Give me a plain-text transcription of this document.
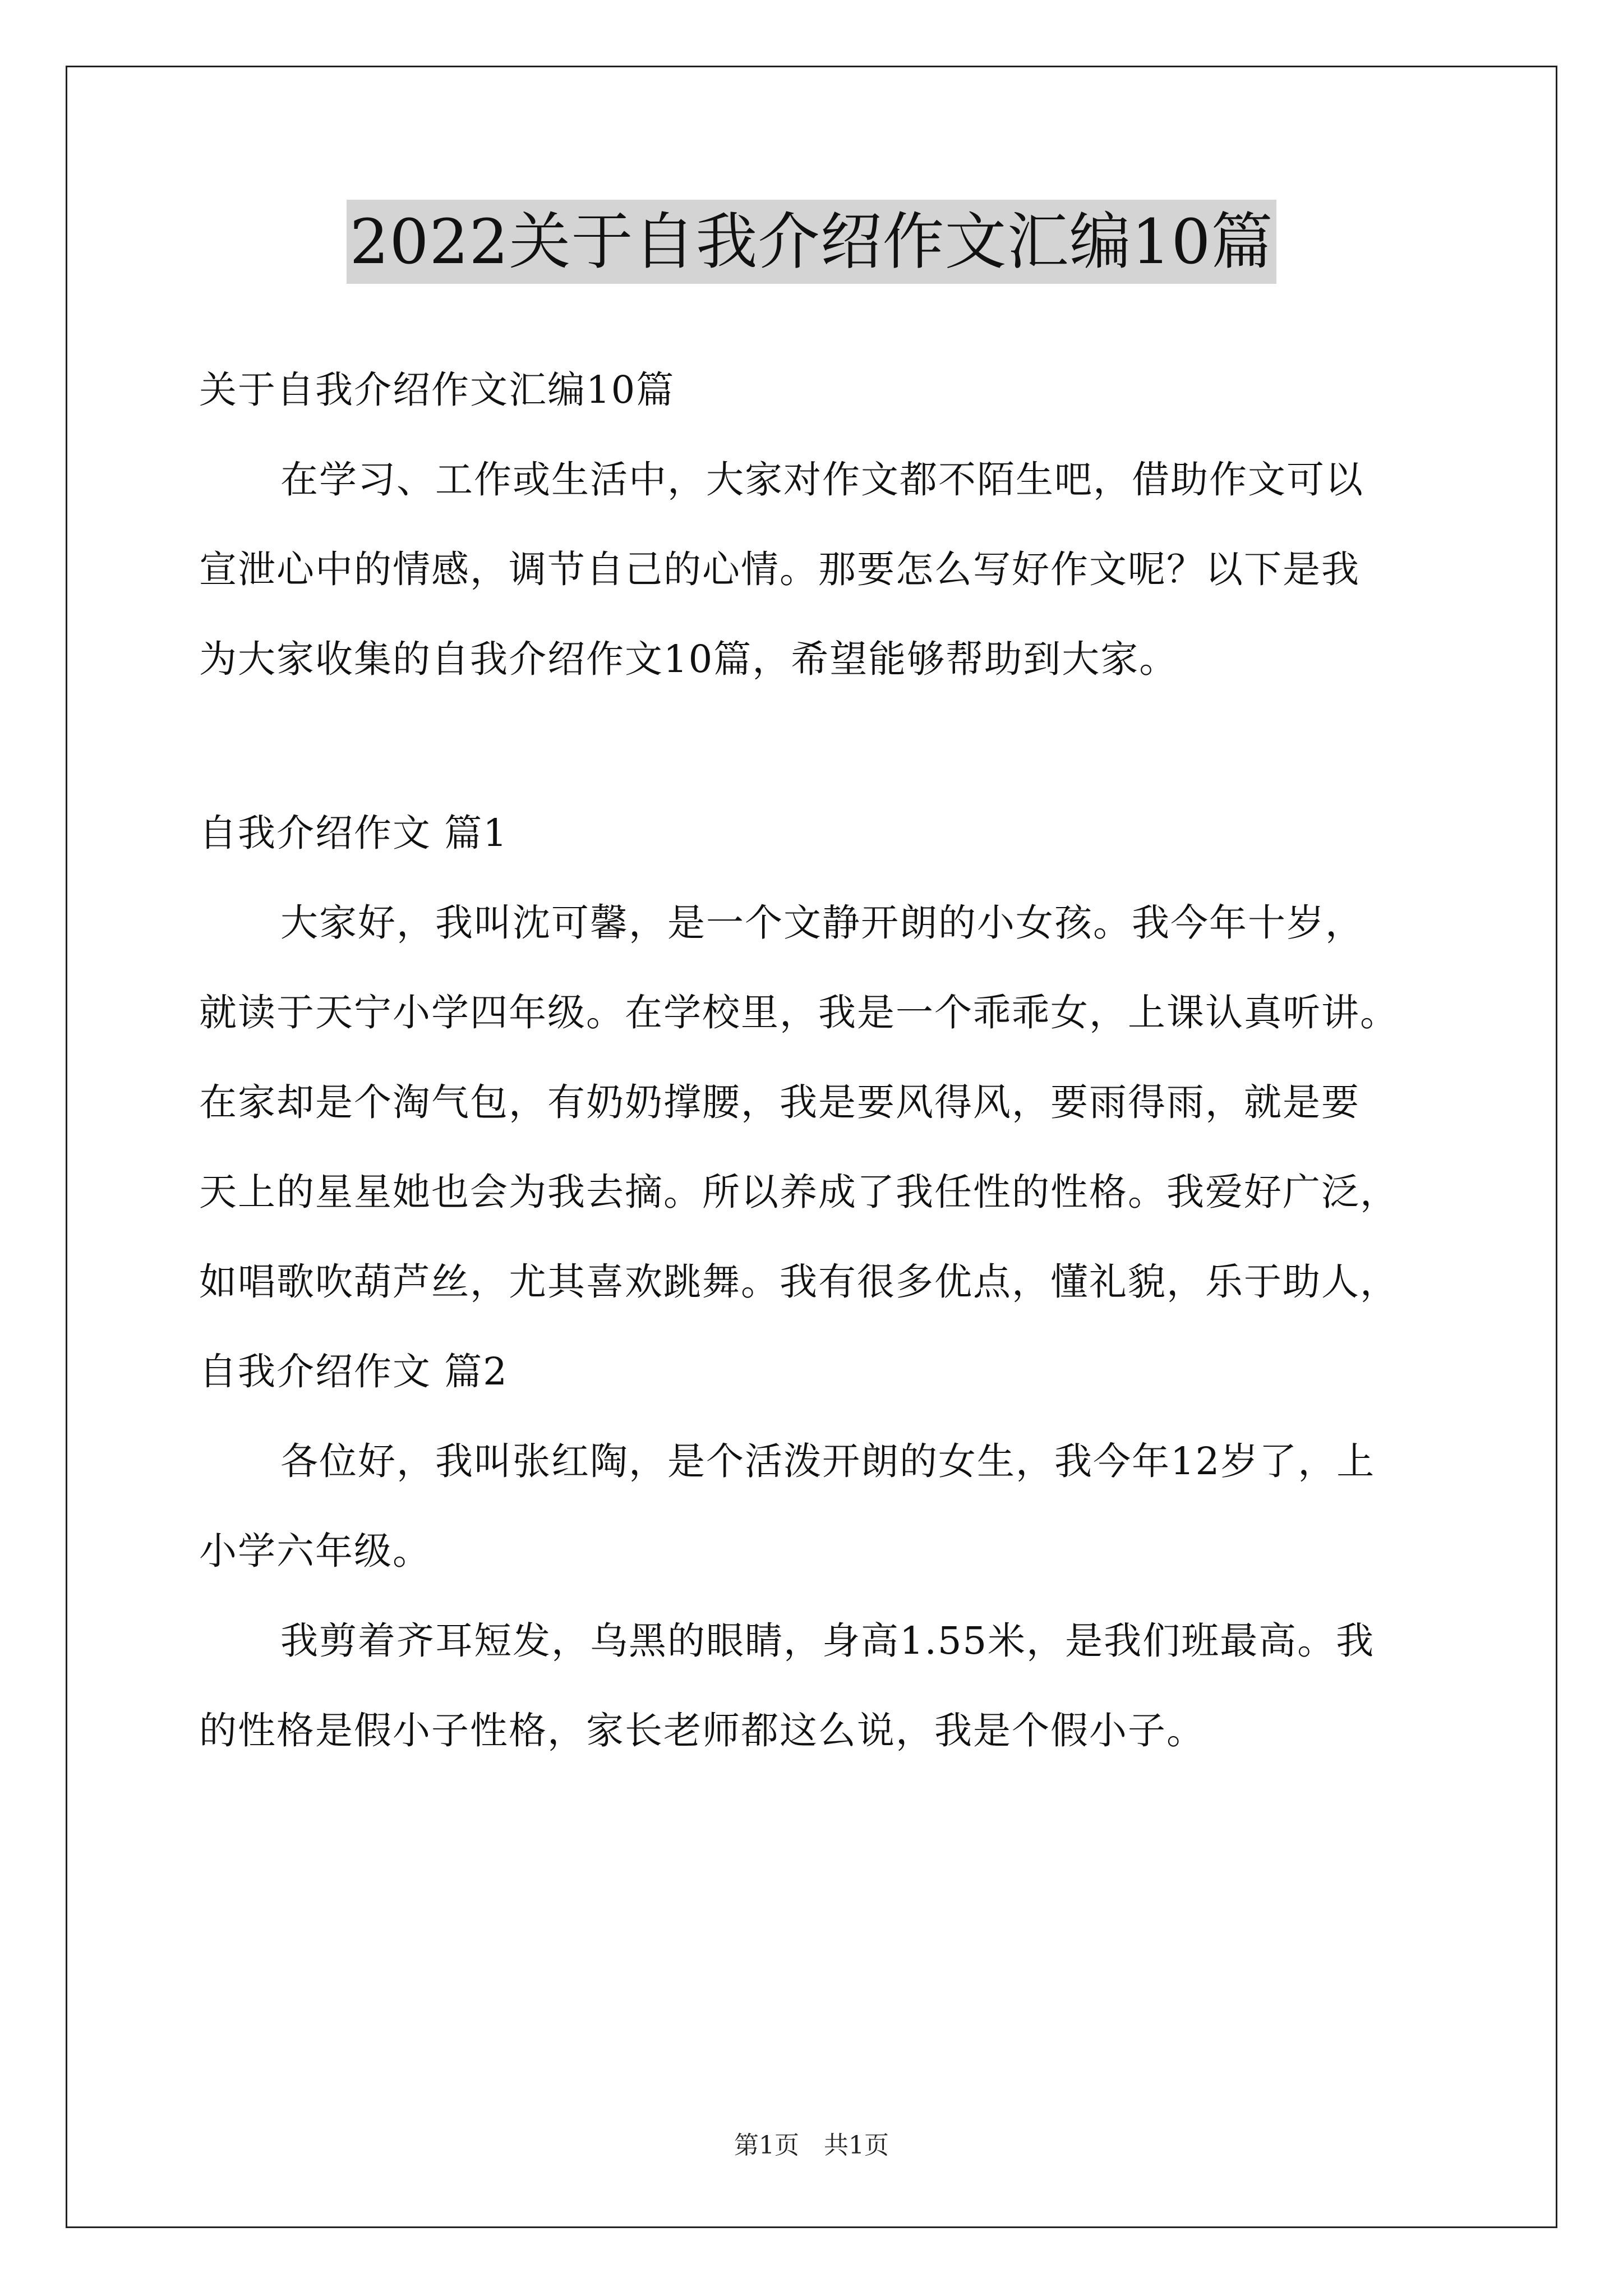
2022关于自我介绍作文汇编10篇
关于自我介绍作文汇编10篇
在学习、工作或生活中，大家对作文都不陌生吧，借助作文可以
宣泄心中的情感，调节自己的心情。那要怎么写好作文呢？以下是我
为大家收集的自我介绍作文10篇，希望能够帮助到大家。
自我介绍作文 篇1
大家好，我叫沈可馨，是一个文静开朗的小女孩。我今年十岁，
就读于天宁小学四年级。在学校里，我是一个乖乖女，上课认真听讲。
在家却是个淘气包，有奶奶撑腰，我是要风得风，要雨得雨，就是要
天上的星星她也会为我去摘。所以养成了我任性的性格。我爱好广泛，
如唱歌吹葫芦丝，尤其喜欢跳舞。我有很多优点，懂礼貌，乐于助人，
自我介绍作文 篇2
各位好，我叫张红陶，是个活泼开朗的女生，我今年12岁了，上
小学六年级。
我剪着齐耳短发，乌黑的眼睛，身高1.55米，是我们班最高。我
的性格是假小子性格，家长老师都这么说，我是个假小子。
第1页　共1页
